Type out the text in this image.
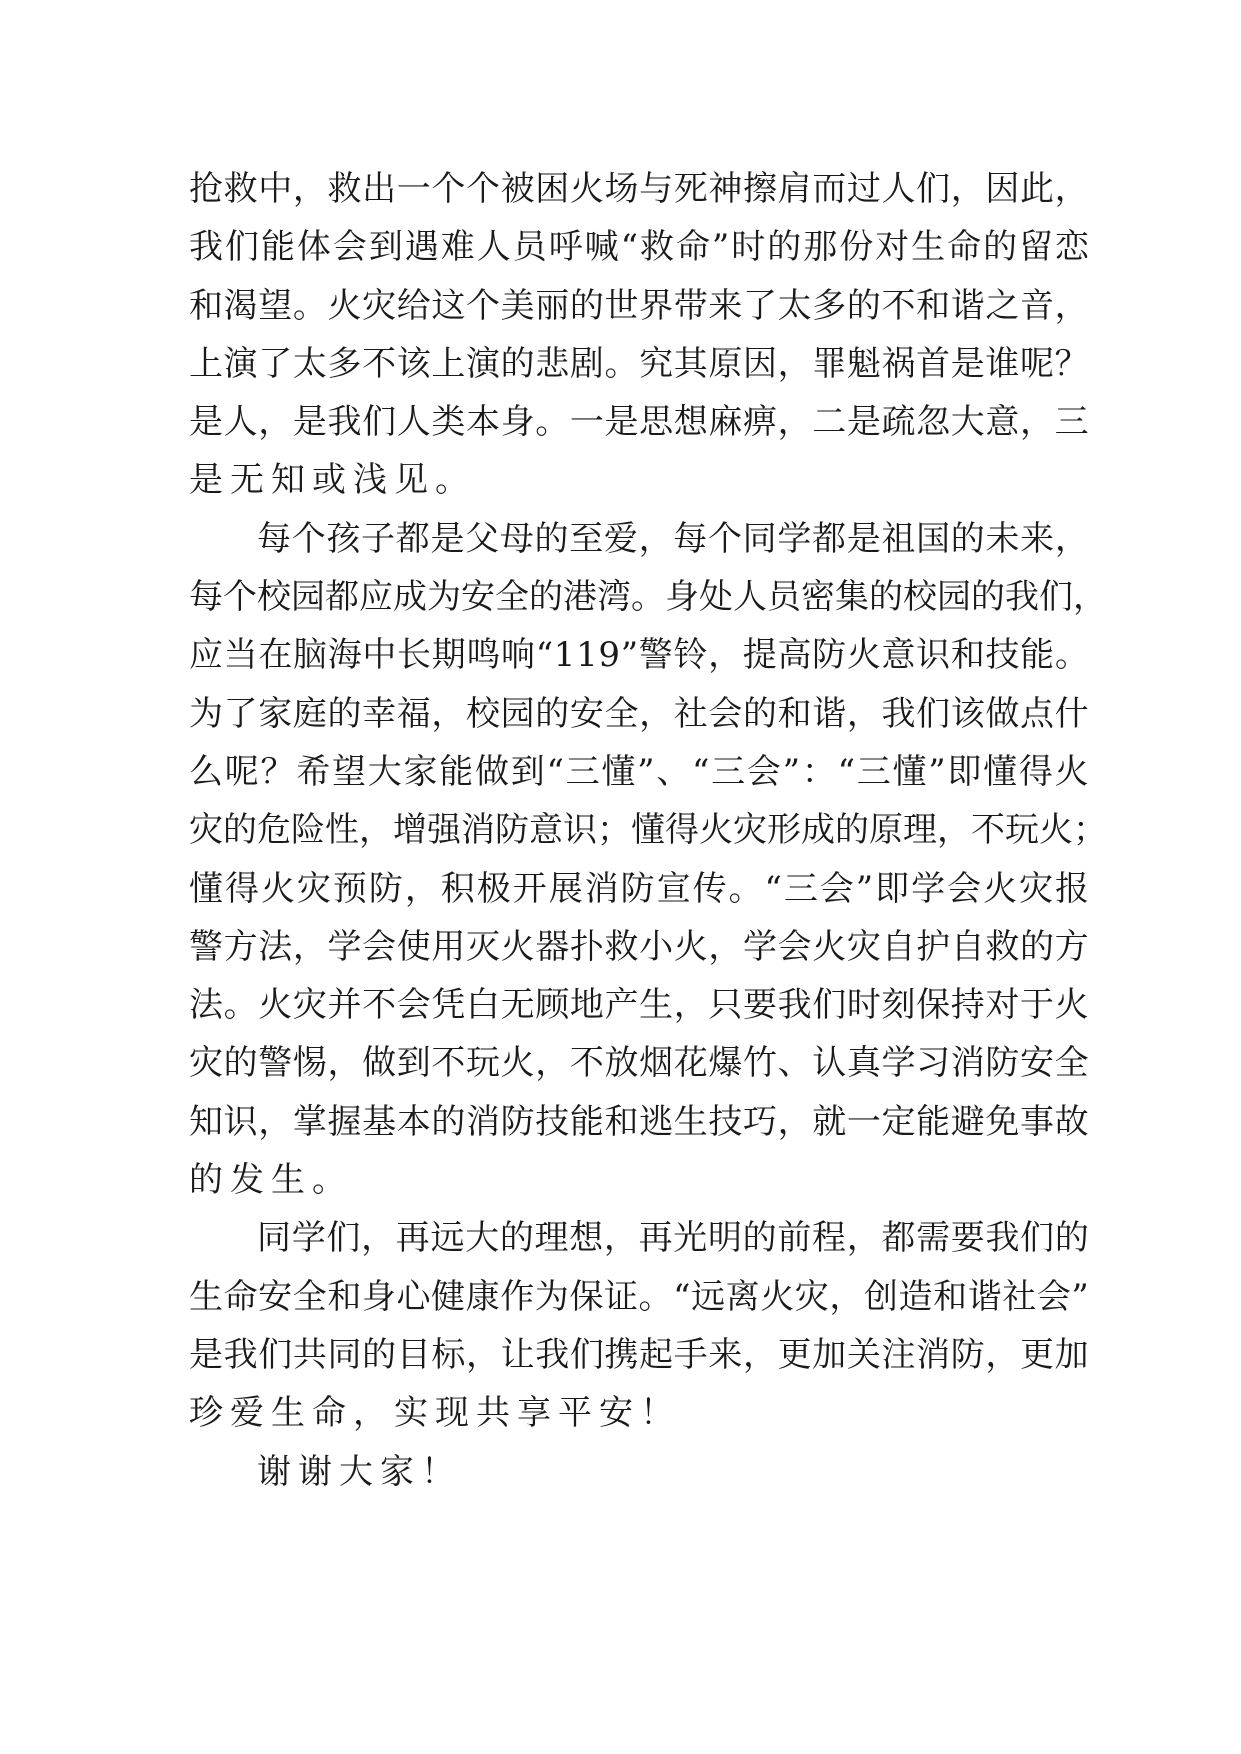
抢 救 中 ， 救 出 一 个 个 被 困 火 场 与 死 神 擦 肩 而 过 人 们 ， 因 此 ，
我 们 能 体 会 到 遇 难 人 员 呼 喊 “ 救 命 ” 时 的 那 份 对 生 命 的 留 恋
和 渴 望 。 火 灾 给 这 个 美 丽 的 世 界 带 来 了 太 多 的 不 和 谐 之 音 ，
上 演 了 太 多 不 该 上 演 的 悲 剧 。 究 其 原 因 ， 罪 魁 祸 首 是 谁 呢 ？
是 人 ， 是 我 们 人 类 本 身 。 一 是 思 想 麻 痹 ， 二 是 疏 忽 大 意 ， 三
是无知或浅见。
每 个 孩 子 都 是 父 母 的 至 爱 ， 每 个 同 学 都 是 祖 国 的 未 来 ，
每 个 校 园 都 应 成 为 安 全 的 港 湾 。 身 处 人 员 密 集 的 校 园 的 我 们 ，
应 当 在 脑 海 中 长 期 鸣 响 “ 1 1 9 ” 警 铃 ， 提 高 防 火 意 识 和 技 能 。
为 了 家 庭 的 幸 福 ， 校 园 的 安 全 ， 社 会 的 和 谐 ， 我 们 该 做 点 什
么 呢 ？ 希 望 大 家 能 做 到 “ 三 懂 ” 、 “ 三 会 ” ： “ 三 懂 ” 即 懂 得 火
灾 的 危 险 性 ， 增 强 消 防 意 识 ； 懂 得 火 灾 形 成 的 原 理 ， 不 玩 火 ；
懂 得 火 灾 预 防 ， 积 极 开 展 消 防 宣 传 。 “ 三 会 ” 即 学 会 火 灾 报
警 方 法 ， 学 会 使 用 灭 火 器 扑 救 小 火 ， 学 会 火 灾 自 护 自 救 的 方
法 。 火 灾 并 不 会 凭 白 无 顾 地 产 生 ， 只 要 我 们 时 刻 保 持 对 于 火
灾 的 警 惕 ， 做 到 不 玩 火 ， 不 放 烟 花 爆 竹 、 认 真 学 习 消 防 安 全
知 识 ， 掌 握 基 本 的 消 防 技 能 和 逃 生 技 巧 ， 就 一 定 能 避 免 事 故
的发生。
同 学 们 ， 再 远 大 的 理 想 ， 再 光 明 的 前 程 ， 都 需 要 我 们 的
生 命 安 全 和 身 心 健 康 作 为 保 证 。 “ 远 离 火 灾 ， 创 造 和 谐 社 会 ”
是 我 们 共 同 的 目 标 ， 让 我 们 携 起 手 来 ， 更 加 关 注 消 防 ， 更 加
珍爱生命，实现共享平安！
谢谢大家！
